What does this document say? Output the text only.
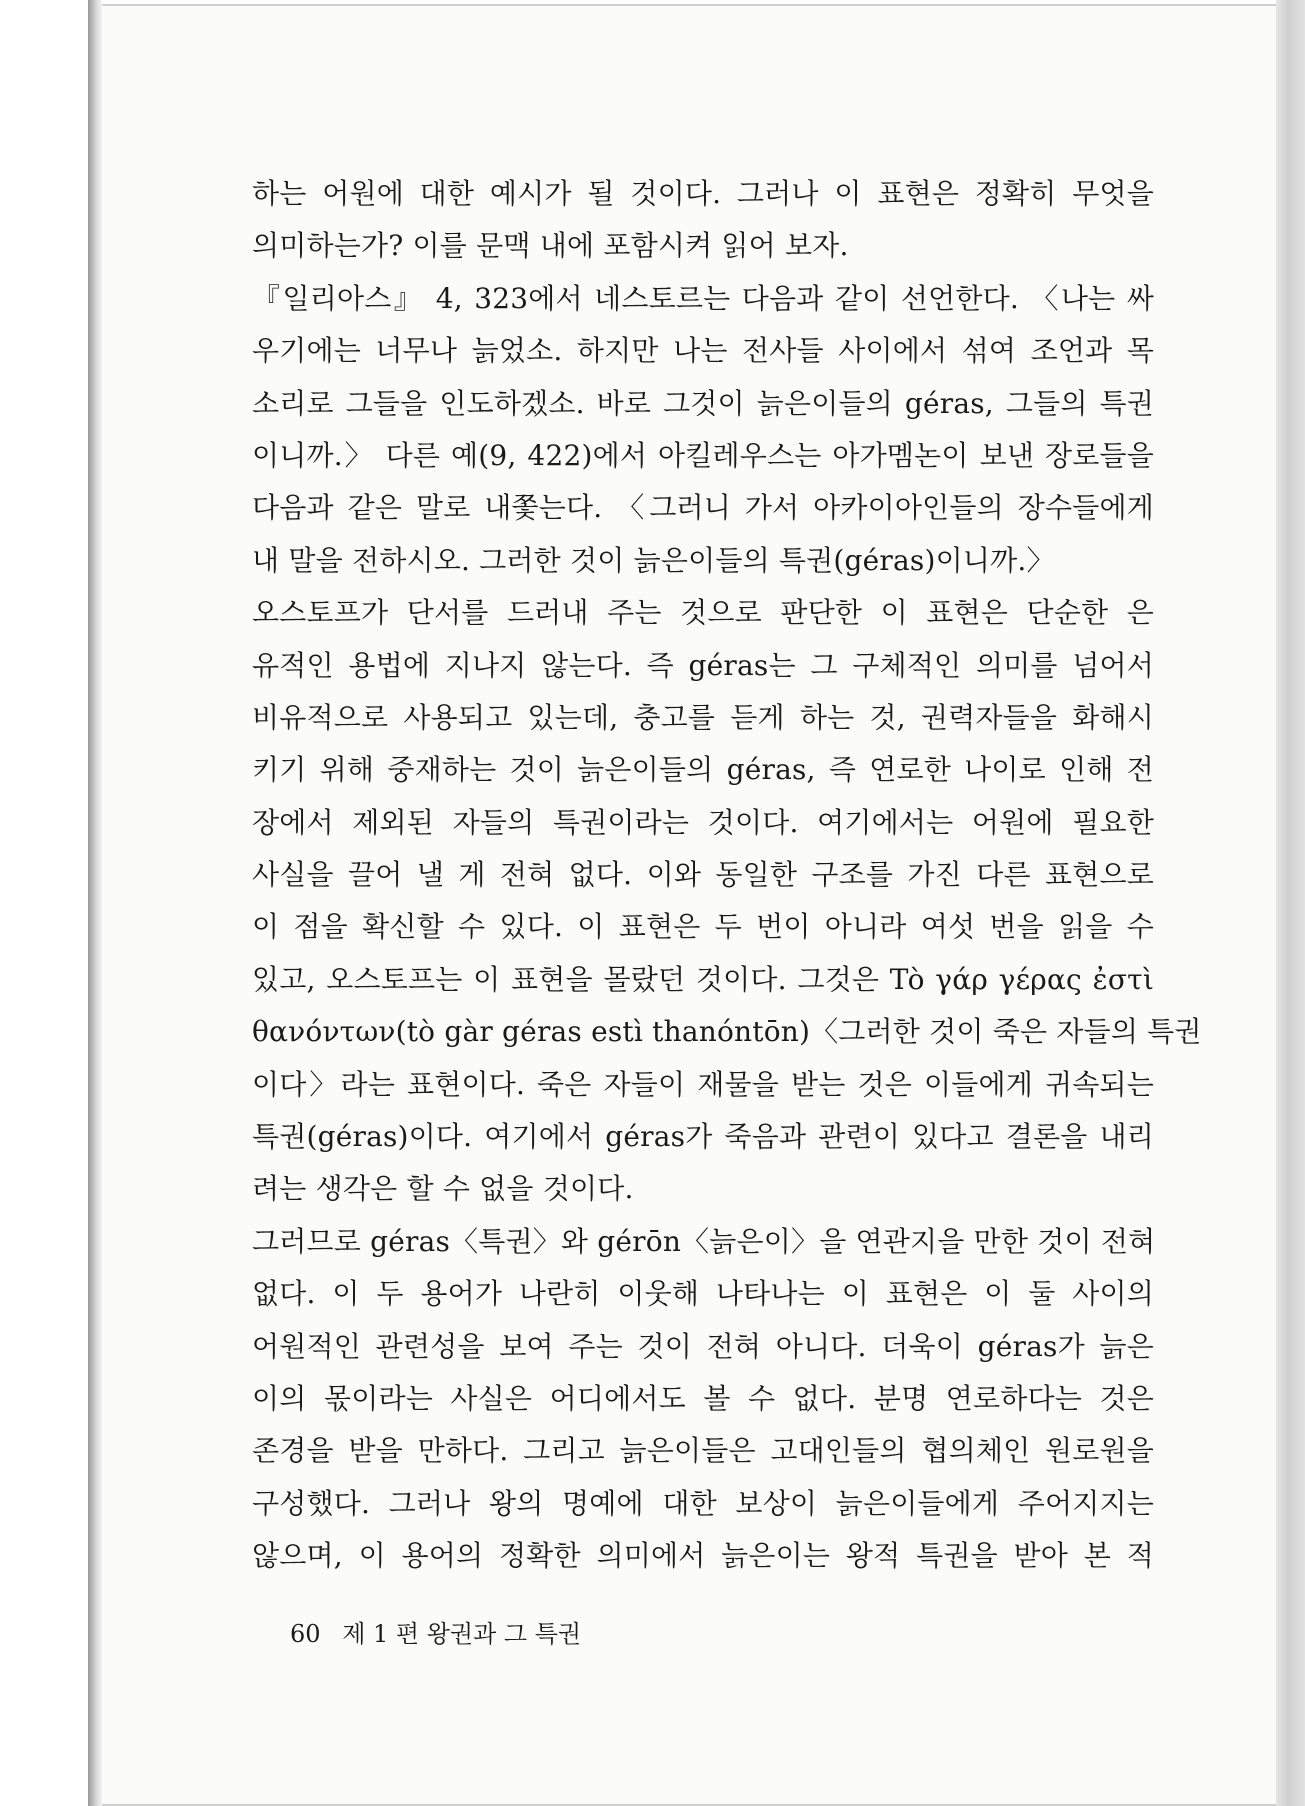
하는 어원에 대한 예시가 될 것이다. 그러나 이 표현은 정확히 무엇을
의미하는가? 이를 문맥 내에 포함시켜 읽어 보자.
『일리아스』 4, 323에서 네스토르는 다음과 같이 선언한다. 〈나는 싸
우기에는 너무나 늙었소. 하지만 나는 전사들 사이에서 섞여 조언과 목
소리로 그들을 인도하겠소. 바로 그것이 늙은이들의 géras, 그들의 특권
이니까.〉 다른 예(9, 422)에서 아킬레우스는 아가멤논이 보낸 장로들을
다음과 같은 말로 내쫓는다. 〈그러니 가서 아카이아인들의 장수들에게
내 말을 전하시오. 그러한 것이 늙은이들의 특권(géras)이니까.〉
오스토프가 단서를 드러내 주는 것으로 판단한 이 표현은 단순한 은
유적인 용법에 지나지 않는다. 즉 géras는 그 구체적인 의미를 넘어서
비유적으로 사용되고 있는데, 충고를 듣게 하는 것, 권력자들을 화해시
키기 위해 중재하는 것이 늙은이들의 géras, 즉 연로한 나이로 인해 전
장에서 제외된 자들의 특권이라는 것이다. 여기에서는 어원에 필요한
사실을 끌어 낼 게 전혀 없다. 이와 동일한 구조를 가진 다른 표현으로
이 점을 확신할 수 있다. 이 표현은 두 번이 아니라 여섯 번을 읽을 수
있고, 오스토프는 이 표현을 몰랐던 것이다. 그것은 Tò γάρ γέρας ἐστὶ
θανόντων(tò gàr géras estì thanóntōn)〈그러한 것이 죽은 자들의 특권
이다〉라는 표현이다. 죽은 자들이 재물을 받는 것은 이들에게 귀속되는
특권(géras)이다. 여기에서 géras가 죽음과 관련이 있다고 결론을 내리
려는 생각은 할 수 없을 것이다.
그러므로 géras〈특권〉와 gérōn〈늙은이〉을 연관지을 만한 것이 전혀
없다. 이 두 용어가 나란히 이웃해 나타나는 이 표현은 이 둘 사이의
어원적인 관련성을 보여 주는 것이 전혀 아니다. 더욱이 géras가 늙은
이의 몫이라는 사실은 어디에서도 볼 수 없다. 분명 연로하다는 것은
존경을 받을 만하다. 그리고 늙은이들은 고대인들의 협의체인 원로원을
구성했다. 그러나 왕의 명예에 대한 보상이 늙은이들에게 주어지지는
않으며, 이 용어의 정확한 의미에서 늙은이는 왕적 특권을 받아 본 적
60 제 1 편 왕권과 그 특권
